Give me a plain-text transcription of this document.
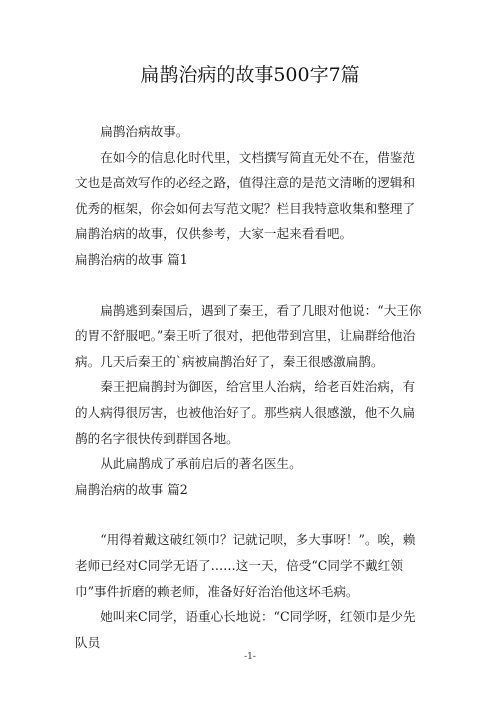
扁鹊治病的故事500字7篇

扁鹊治病故事。

在如今的信息化时代里，文档撰写简直无处不在，借鉴范文也是高效写作的必经之路，值得注意的是范文清晰的逻辑和优秀的框架，你会如何去写范文呢？栏目我特意收集和整理了扁鹊治病的故事，仅供参考，大家一起来看看吧。

扁鹊治病的故事 篇1

扁鹊逃到秦国后，遇到了秦王，看了几眼对他说：“大王你的胃不舒服吧。”秦王听了很对，把他带到宫里，让扁群给他治病。几天后秦王的`病被扁鹊治好了，秦王很感激扁鹊。

秦王把扁鹊封为御医，给宫里人治病，给老百姓治病，有的人病得很厉害，也被他治好了。那些病人很感激，他不久扁鹊的名字很快传到群国各地。

从此扁鹊成了承前启后的著名医生。

扁鹊治病的故事 篇2

“用得着戴这破红领巾？记就记呗，多大事呀！”。唉，赖老师已经对C同学无语了……这一天，倍受“C同学不戴红领巾”事件折磨的赖老师，准备好好治治他这坏毛病。

她叫来C同学，语重心长地说：“C同学呀，红领巾是少先队员

-1-
